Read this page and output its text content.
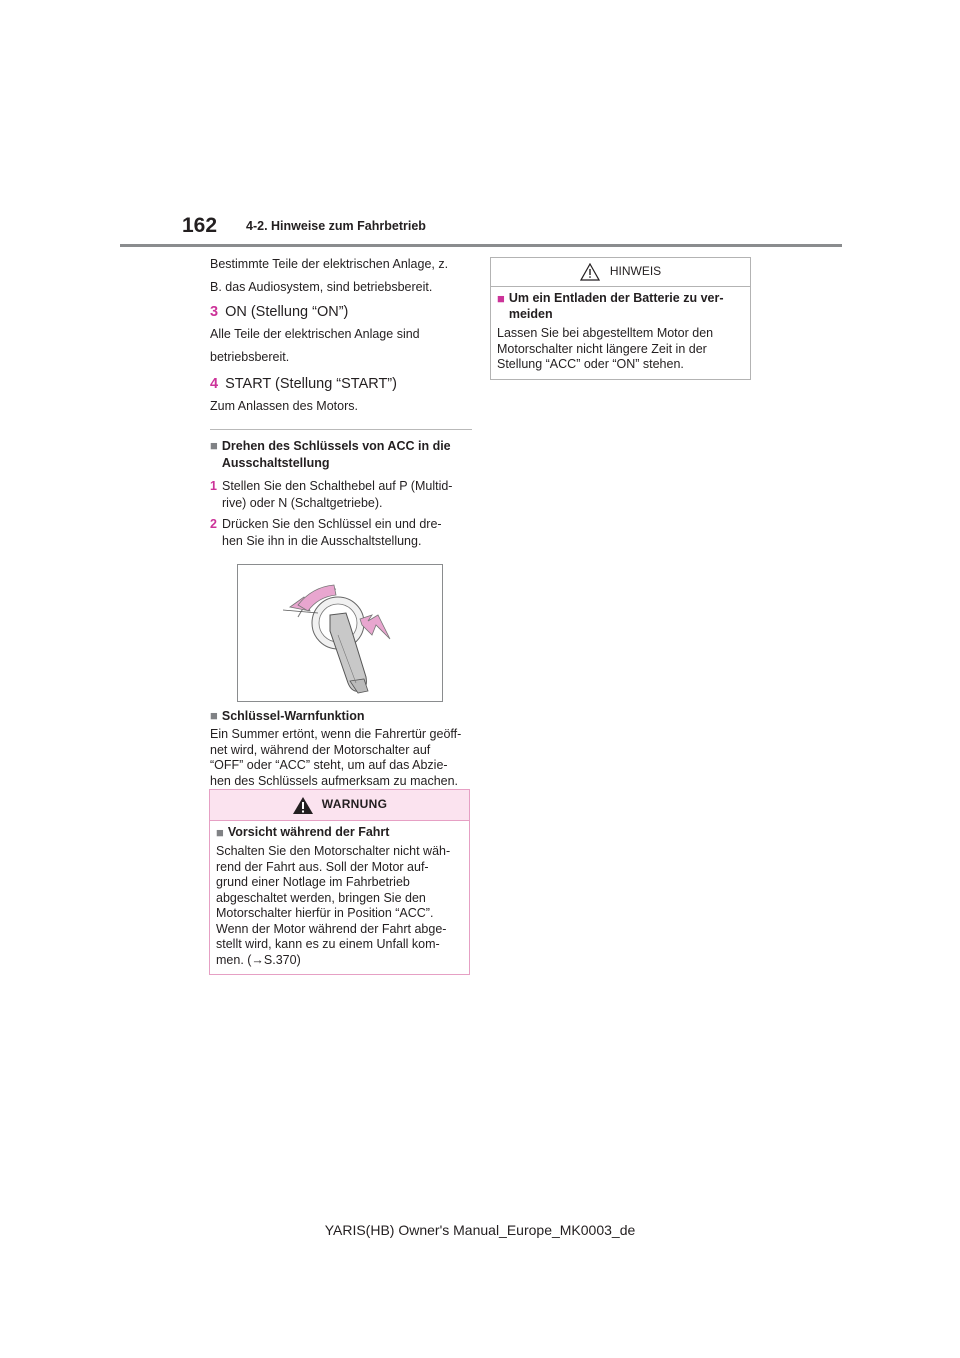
162 4-2. Hinweise zum Fahrbetrieb

Bestimmte Teile der elektrischen Anlage, z.

B. das Audiosystem, sind betriebsbereit.

3 ON (Stellung “ON”)

Alle Teile der elektrischen Anlage sind

betriebsbereit.

4 START (Stellung “START”)

Zum Anlassen des Motors.

■ Drehen des Schlüssels von ACC in die
Ausschaltstellung
1 Stellen Sie den Schalthebel auf P (Multid-
rive) oder N (Schaltgetriebe).
2 Drücken Sie den Schlüssel ein und dre-
hen Sie ihn in die Ausschaltstellung.
■ Schlüssel-Warnfunktion
Ein Summer ertönt, wenn die Fahrertür geöff-
net wird, während der Motorschalter auf
“OFF” oder “ACC” steht, um auf das Abzie-
hen des Schlüssels aufmerksam zu machen.
WARNUNG
■ Vorsicht während der Fahrt
Schalten Sie den Motorschalter nicht wäh-
rend der Fahrt aus. Soll der Motor auf-
grund einer Notlage im Fahrbetrieb
abgeschaltet werden, bringen Sie den
Motorschalter hierfür in Position “ACC”.
Wenn der Motor während der Fahrt abge-
stellt wird, kann es zu einem Unfall kom-
men. (→S.370)
HINWEIS
■ Um ein Entladen der Batterie zu ver-
meiden
Lassen Sie bei abgestelltem Motor den
Motorschalter nicht längere Zeit in der
Stellung “ACC” oder “ON” stehen.
YARIS(HB) Owner's Manual_Europe_MK0003_de
